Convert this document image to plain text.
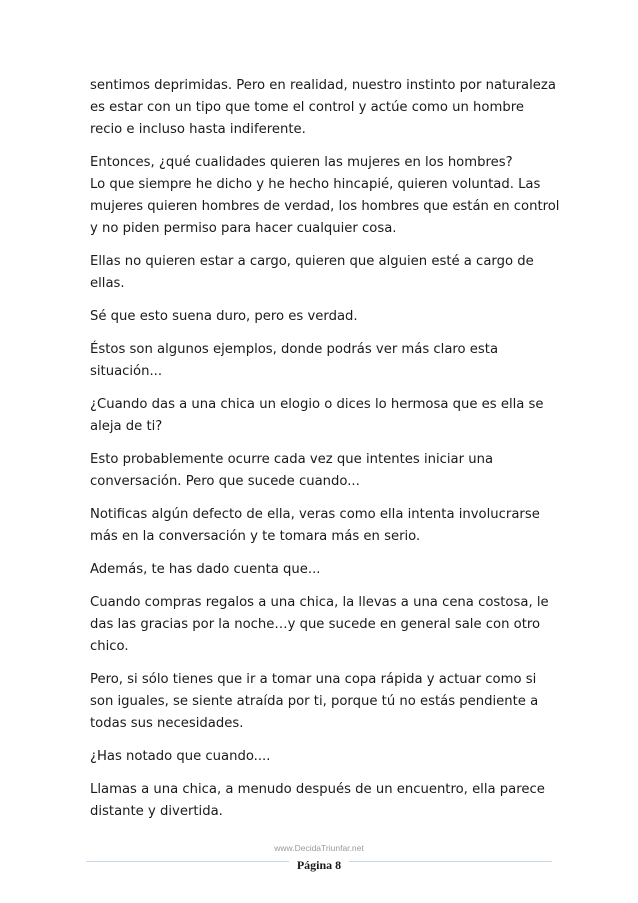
sentimos deprimidas. Pero en realidad, nuestro instinto por naturaleza es estar con un tipo que tome el control y actúe como un hombre recio e incluso hasta indiferente.

Entonces, ¿qué cualidades quieren las mujeres en los hombres?
Lo que siempre he dicho y he hecho hincapié, quieren voluntad. Las mujeres quieren hombres de verdad, los hombres que están en control y no piden permiso para hacer cualquier cosa.

Ellas no quieren estar a cargo, quieren que alguien esté a cargo de ellas.

Sé que esto suena duro, pero es verdad.

Éstos son algunos ejemplos, donde podrás ver más claro esta situación...

¿Cuando das a una chica un elogio o dices lo hermosa que es ella se aleja de ti?

Esto probablemente ocurre cada vez que intentes iniciar una conversación. Pero que sucede cuando...

Notificas algún defecto de ella, veras como ella intenta involucrarse más en la conversación y te tomara más en serio.

Además, te has dado cuenta que...

Cuando compras regalos a una chica, la llevas a una cena costosa, le das las gracias por la noche…y que sucede en general sale con otro chico.

Pero, si sólo tienes que ir a tomar una copa rápida y actuar como si son iguales, se siente atraída por ti, porque tú no estás pendiente a todas sus necesidades.

¿Has notado que cuando....

Llamas a una chica, a menudo después de un encuentro, ella parece distante y divertida.

www.DecidaTriunfar.net
Página 8
